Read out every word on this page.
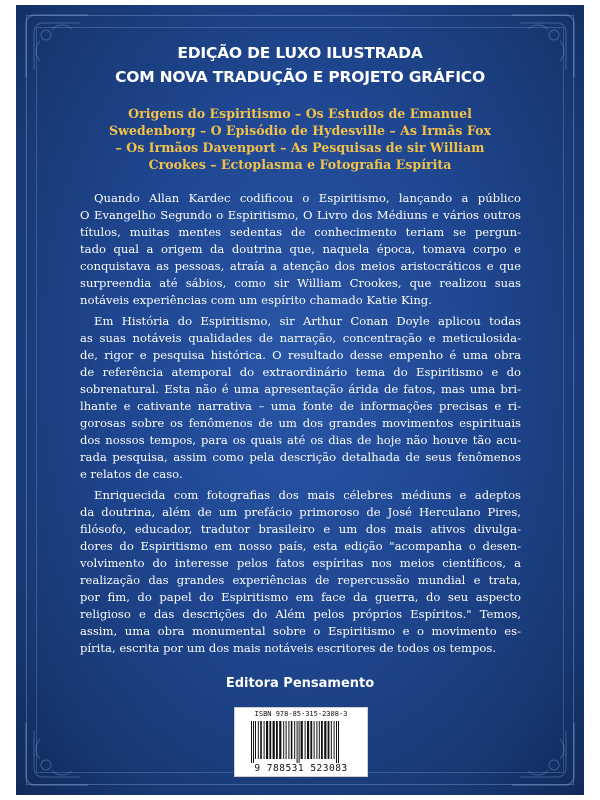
EDIÇÃO DE LUXO ILUSTRADA
COM NOVA TRADUÇÃO E PROJETO GRÁFICO
Origens do Espiritismo – Os Estudos de Emanuel
Swedenborg – O Episódio de Hydesville – As Irmãs Fox
– Os Irmãos Davenport – As Pesquisas de sir William
Crookes – Ectoplasma e Fotografia Espírita
Quando Allan Kardec codificou o Espiritismo, lançando a público
O Evangelho Segundo o Espiritismo, O Livro dos Médiuns e vários outros
títulos, muitas mentes sedentas de conhecimento teriam se pergun-
tado qual a origem da doutrina que, naquela época, tomava corpo e
conquistava as pessoas, atraía a atenção dos meios aristocráticos e que
surpreendia até sábios, como sir William Crookes, que realizou suas
notáveis experiências com um espírito chamado Katie King.
Em História do Espiritismo, sir Arthur Conan Doyle aplicou todas
as suas notáveis qualidades de narração, concentração e meticulosida-
de, rigor e pesquisa histórica. O resultado desse empenho é uma obra
de referência atemporal do extraordinário tema do Espiritismo e do
sobrenatural. Esta não é uma apresentação árida de fatos, mas uma bri-
lhante e cativante narrativa – uma fonte de informações precisas e ri-
gorosas sobre os fenômenos de um dos grandes movimentos espirituais
dos nossos tempos, para os quais até os dias de hoje não houve tão acu-
rada pesquisa, assim como pela descrição detalhada de seus fenômenos
e relatos de caso.
Enriquecida com fotografias dos mais célebres médiuns e adeptos
da doutrina, além de um prefácio primoroso de José Herculano Pires,
filósofo, educador, tradutor brasileiro e um dos mais ativos divulga-
dores do Espiritismo em nosso país, esta edição "acompanha o desen-
volvimento do interesse pelos fatos espíritas nos meios científicos, a
realização das grandes experiências de repercussão mundial e trata,
por fim, do papel do Espiritismo em face da guerra, do seu aspecto
religioso e das descrições do Além pelos próprios Espíritos." Temos,
assim, uma obra monumental sobre o Espiritismo e o movimento es-
pírita, escrita por um dos mais notáveis escritores de todos os tempos.
Editora Pensamento
ISBN 978-85-315-2308-3
9 788531 523083
